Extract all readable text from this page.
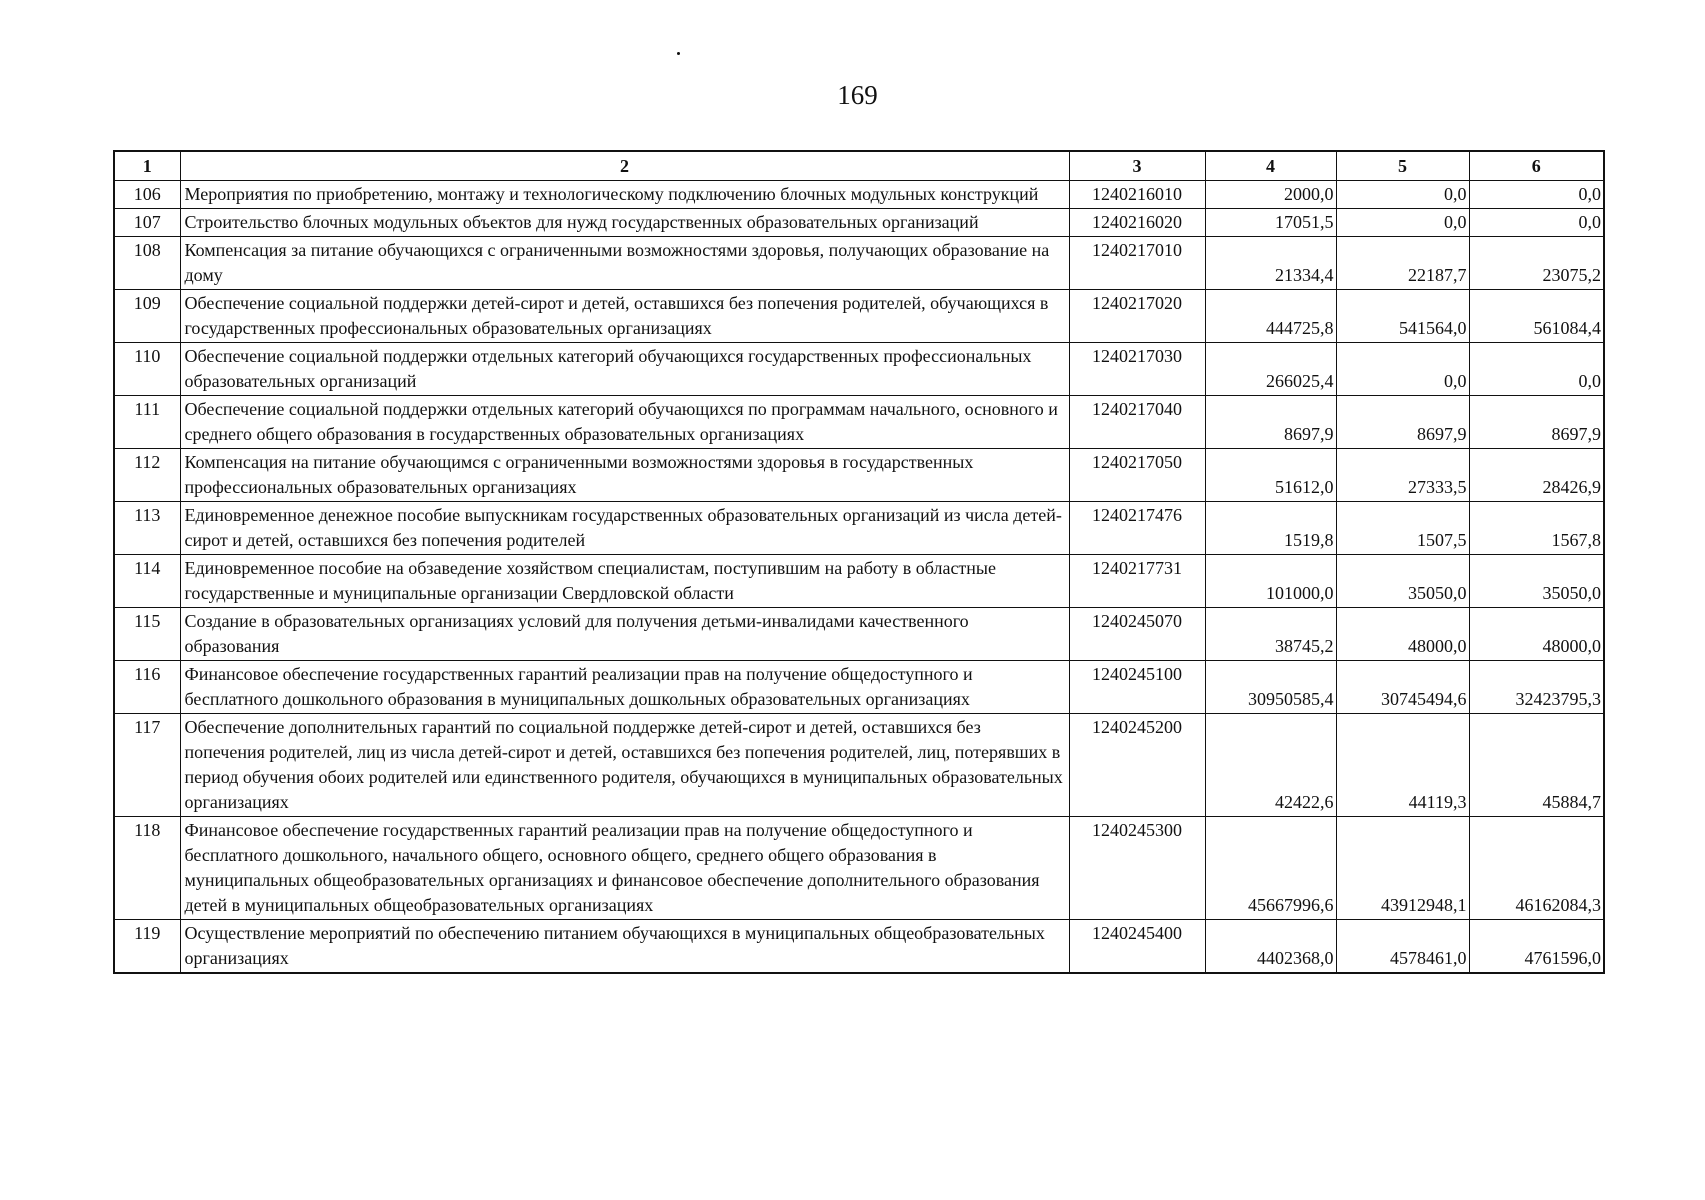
169
1	2	3	4	5	6
106	Мероприятия по приобретению, монтажу и технологическому подключению блочных модульных конструкций	1240216010	2000,0	0,0	0,0
107	Строительство блочных модульных объектов для нужд государственных образовательных организаций	1240216020	17051,5	0,0	0,0
108	Компенсация за питание обучающихся с ограниченными возможностями здоровья, получающих образование на дому	1240217010	21334,4	22187,7	23075,2
109	Обеспечение социальной поддержки детей-сирот и детей, оставшихся без попечения родителей, обучающихся в государственных профессиональных образовательных организациях	1240217020	444725,8	541564,0	561084,4
110	Обеспечение социальной поддержки отдельных категорий обучающихся государственных профессиональных образовательных организаций	1240217030	266025,4	0,0	0,0
111	Обеспечение социальной поддержки отдельных категорий обучающихся по программам начального, основного и среднего общего образования в государственных образовательных организациях	1240217040	8697,9	8697,9	8697,9
112	Компенсация на питание обучающимся с ограниченными возможностями здоровья в государственных профессиональных образовательных организациях	1240217050	51612,0	27333,5	28426,9
113	Единовременное денежное пособие выпускникам государственных образовательных организаций из числа детей-сирот и детей, оставшихся без попечения родителей	1240217476	1519,8	1507,5	1567,8
114	Единовременное пособие на обзаведение хозяйством специалистам, поступившим на работу в областные государственные и муниципальные организации Свердловской области	1240217731	101000,0	35050,0	35050,0
115	Создание в образовательных организациях условий для получения детьми-инвалидами качественного образования	1240245070	38745,2	48000,0	48000,0
116	Финансовое обеспечение государственных гарантий реализации прав на получение общедоступного и бесплатного дошкольного образования в муниципальных дошкольных образовательных организациях	1240245100	30950585,4	30745494,6	32423795,3
117	Обеспечение дополнительных гарантий по социальной поддержке детей-сирот и детей, оставшихся без попечения родителей, лиц из числа детей-сирот и детей, оставшихся без попечения родителей, лиц, потерявших в период обучения обоих родителей или единственного родителя, обучающихся в муниципальных образовательных организациях	1240245200	42422,6	44119,3	45884,7
118	Финансовое обеспечение государственных гарантий реализации прав на получение общедоступного и бесплатного дошкольного, начального общего, основного общего, среднего общего образования в муниципальных общеобразовательных организациях и финансовое обеспечение дополнительного образования детей в муниципальных общеобразовательных организациях	1240245300	45667996,6	43912948,1	46162084,3
119	Осуществление мероприятий по обеспечению питанием обучающихся в муниципальных общеобразовательных организациях	1240245400	4402368,0	4578461,0	4761596,0
